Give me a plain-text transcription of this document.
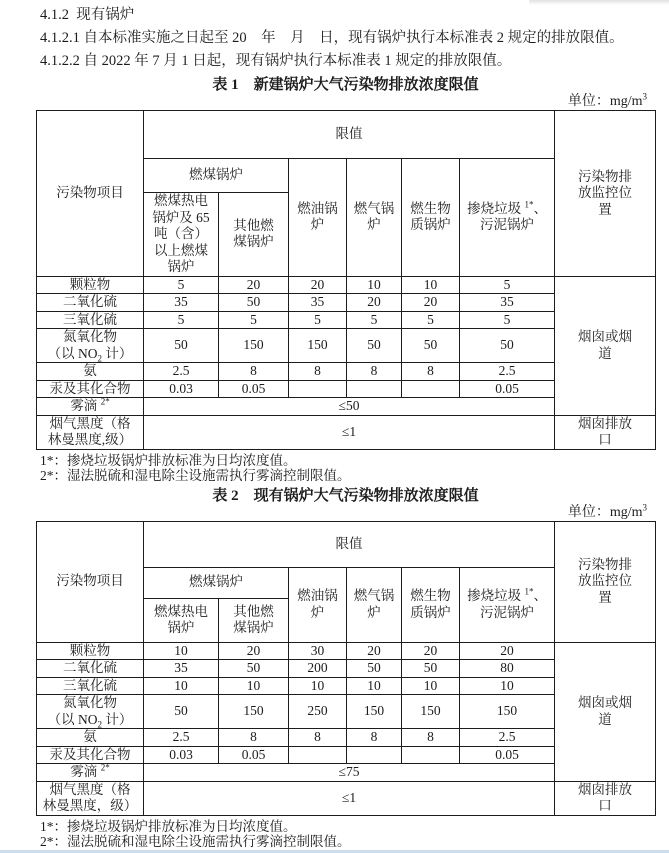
4.1.2  现有锅炉
4.1.2.1 自本标准实施之日起至 20　年　月　日，现有锅炉执行本标准表 2 规定的排放限值。
4.1.2.2 自 2022 年 7 月 1 日起，现有锅炉执行本标准表 1 规定的排放限值。
表 1　新建锅炉大气污染物排放浓度限值
单位：$mg/m^3$
污染物项目	限值						污染物排
放监控位
置
	燃煤锅炉		燃油锅
炉	燃气锅
炉	燃生物
质锅炉	掺烧垃圾 $^{1*}$、
污泥锅炉	
	燃煤热电
锅炉及 65
吨（含）
以上燃煤
锅炉	其他燃
煤锅炉					
颗粒物	5	20	20	10	10	5	烟囱或烟
道
二氧化硫	35	50	35	20	20	35	
三氧化硫	5	5	5	5	5	5	
氮氧化物
（以 $NO_2$ 计）	50	150	150	50	50	50	
氨	2.5	8	8	8	8	2.5	
汞及其化合物	0.03	0.05				0.05	
雾滴 $^{2*}$	≤50						
烟气黑度（格
林曼黑度,级）	≤1						烟囱排放
口
1*：掺烧垃圾锅炉排放标准为日均浓度值。
2*：湿法脱硫和湿电除尘设施需执行雾滴控制限值。
表 2　现有锅炉大气污染物排放浓度限值
单位：$mg/m^3$
污染物项目	限值						污染物排
放监控位
置
	燃煤锅炉		燃油锅
炉	燃气锅
炉	燃生物
质锅炉	掺烧垃圾 $^{1*}$、
污泥锅炉	
	燃煤热电
锅炉	其他燃
煤锅炉					
颗粒物	10	20	30	20	20	20	烟囱或烟
道
二氧化硫	35	50	200	50	50	80	
三氧化硫	10	10	10	10	10	10	
氮氧化物
（以 $NO_2$ 计）	50	150	250	150	150	150	
氨	2.5	8	8	8	8	2.5	
汞及其化合物	0.03	0.05				0.05	
雾滴 $^{2*}$	≤75						
烟气黑度（格
林曼黑度，级）	≤1						烟囱排放
口
1*：掺烧垃圾锅炉排放标准为日均浓度值。
2*：湿法脱硫和湿电除尘设施需执行雾滴控制限值。
